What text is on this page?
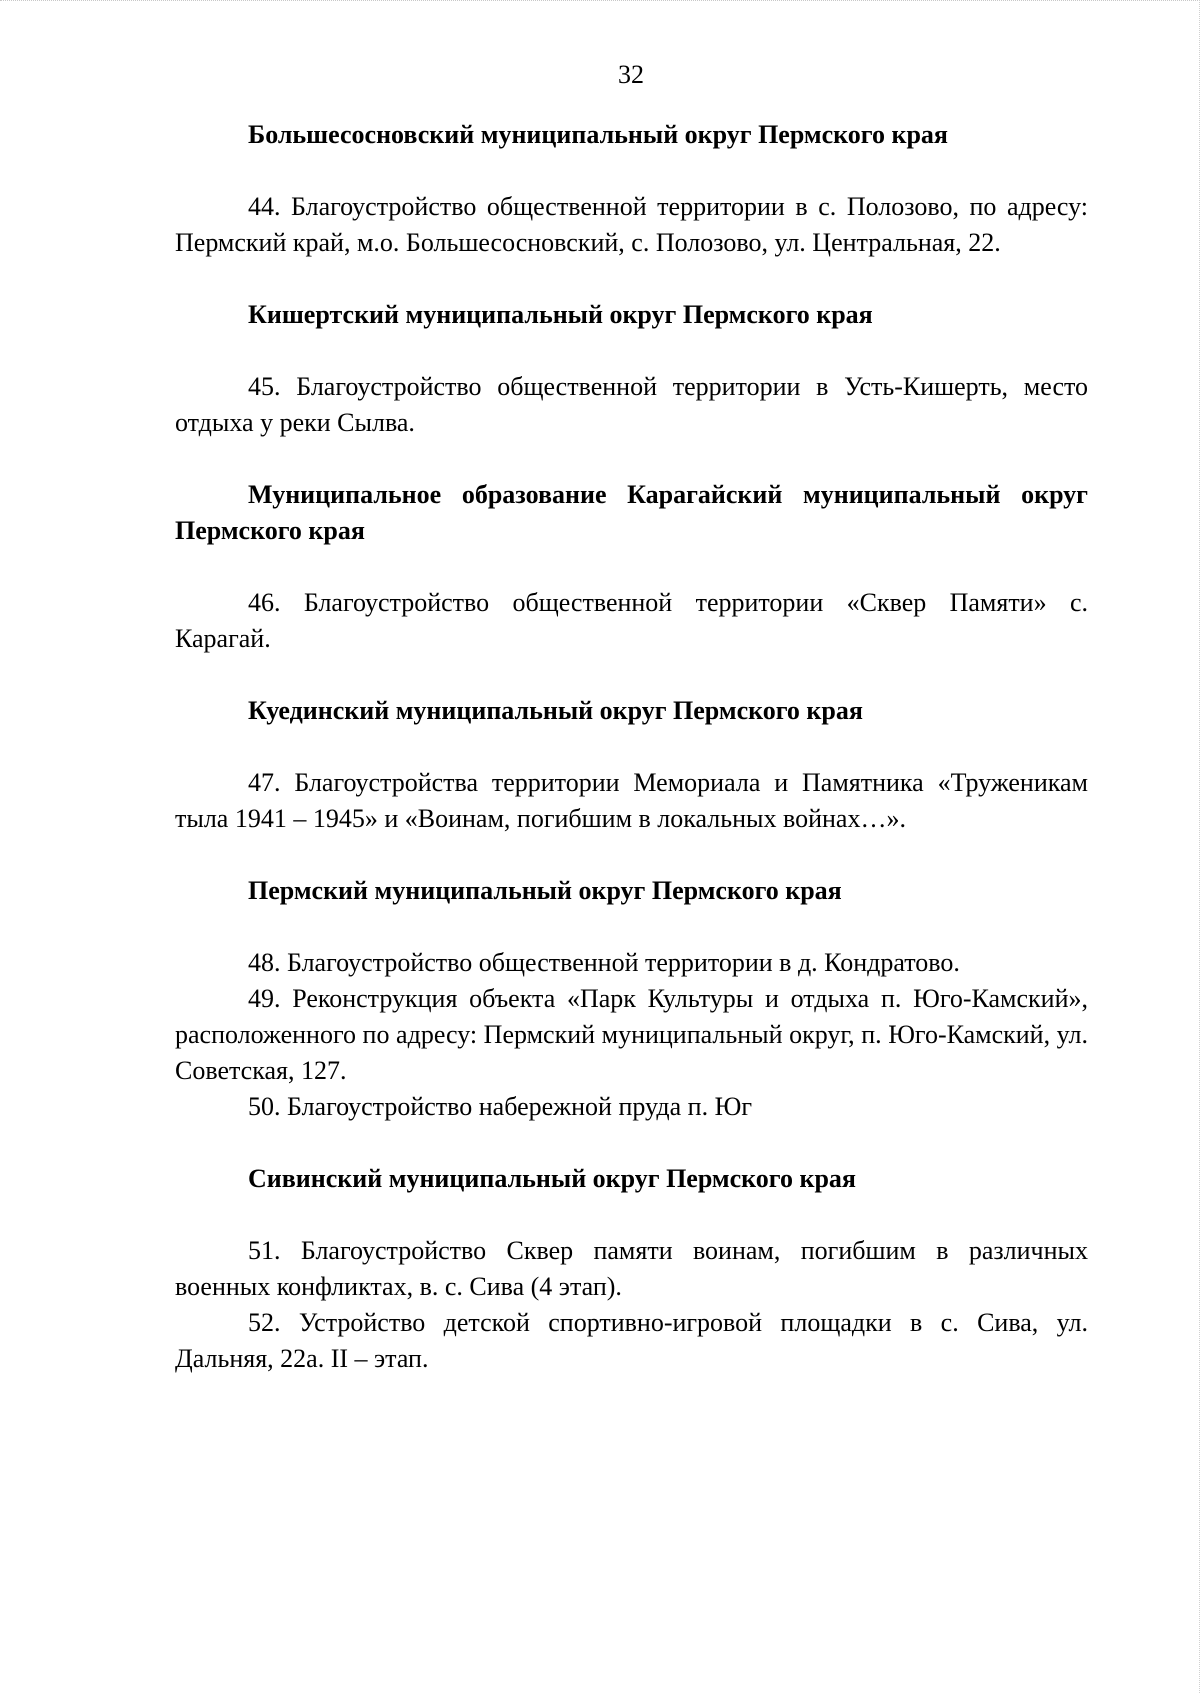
32

Большесосновский муниципальный округ Пермского края

44. Благоустройство общественной территории в с. Полозово, по адресу: Пермский край, м.о. Большесосновский, с. Полозово, ул. Центральная, 22.

Кишертский муниципальный округ Пермского края

45. Благоустройство общественной территории в Усть-Кишерть, место отдыха у реки Сылва.

Муниципальное образование Карагайский муниципальный округ Пермского края

46. Благоустройство общественной территории «Сквер Памяти» с. Карагай.

Куединский муниципальный округ Пермского края

47. Благоустройства территории Мемориала и Памятника «Труженикам тыла 1941 – 1945» и «Воинам, погибшим в локальных войнах…».

Пермский муниципальный округ Пермского края

48. Благоустройство общественной территории в д. Кондратово.

49. Реконструкция объекта «Парк Культуры и отдыха п. Юго-Камский», расположенного по адресу: Пермский муниципальный округ, п. Юго-Камский, ул. Советская, 127.

50. Благоустройство набережной пруда п. Юг

Сивинский муниципальный округ Пермского края

51. Благоустройство Сквер памяти воинам, погибшим в различных военных конфликтах, в. с. Сива (4 этап).

52. Устройство детской спортивно-игровой площадки в с. Сива, ул. Дальняя, 22а. II – этап.
